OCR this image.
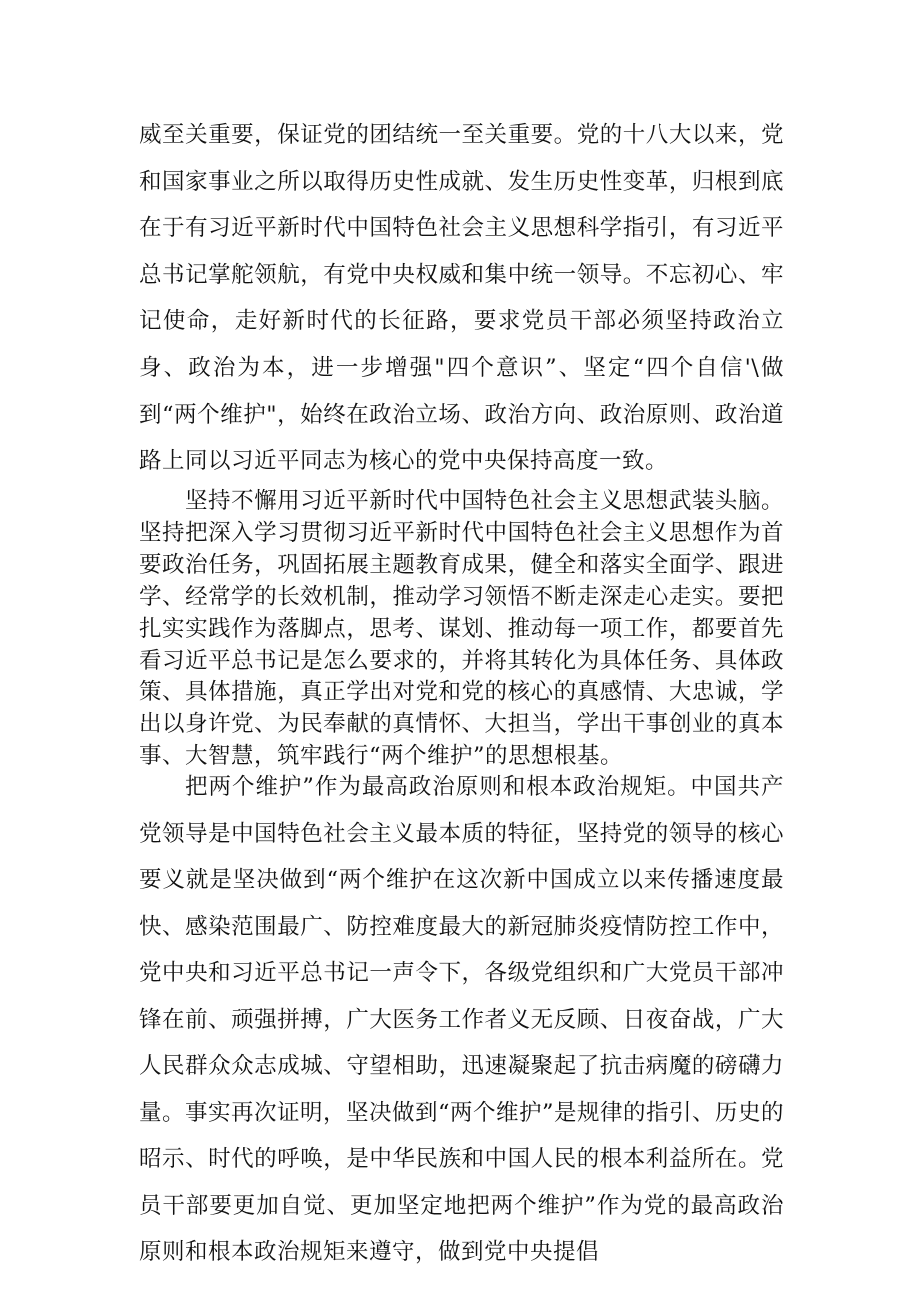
威至关重要，保证党的团结统一至关重要。党的十八大以来，党和国家事业之所以取得历史性成就、发生历史性变革，归根到底在于有习近平新时代中国特色社会主义思想科学指引，有习近平总书记掌舵领航，有党中央权威和集中统一领导。不忘初心、牢记使命，走好新时代的长征路，要求党员干部必须坚持政治立身、政治为本，进一步增强"四个意识”、坚定“四个自信'\做到“两个维护"，始终在政治立场、政治方向、政治原则、政治道路上同以习近平同志为核心的党中央保持高度一致。

坚持不懈用习近平新时代中国特色社会主义思想武装头脑。坚持把深入学习贯彻习近平新时代中国特色社会主义思想作为首要政治任务，巩固拓展主题教育成果，健全和落实全面学、跟进学、经常学的长效机制，推动学习领悟不断走深走心走实。要把扎实实践作为落脚点，思考、谋划、推动每一项工作，都要首先看习近平总书记是怎么要求的，并将其转化为具体任务、具体政策、具体措施，真正学出对党和党的核心的真感情、大忠诚，学出以身许党、为民奉献的真情怀、大担当，学出干事创业的真本事、大智慧，筑牢践行“两个维护”的思想根基。

把两个维护”作为最高政治原则和根本政治规矩。中国共产党领导是中国特色社会主义最本质的特征，坚持党的领导的核心要义就是坚决做到“两个维护在这次新中国成立以来传播速度最快、感染范围最广、防控难度最大的新冠肺炎疫情防控工作中，党中央和习近平总书记一声令下，各级党组织和广大党员干部冲锋在前、顽强拼搏，广大医务工作者义无反顾、日夜奋战，广大人民群众众志成城、守望相助，迅速凝聚起了抗击病魔的磅礴力量。事实再次证明，坚决做到“两个维护”是规律的指引、历史的昭示、时代的呼唤，是中华民族和中国人民的根本利益所在。党员干部要更加自觉、更加坚定地把两个维护”作为党的最高政治原则和根本政治规矩来遵守，做到党中央提倡
